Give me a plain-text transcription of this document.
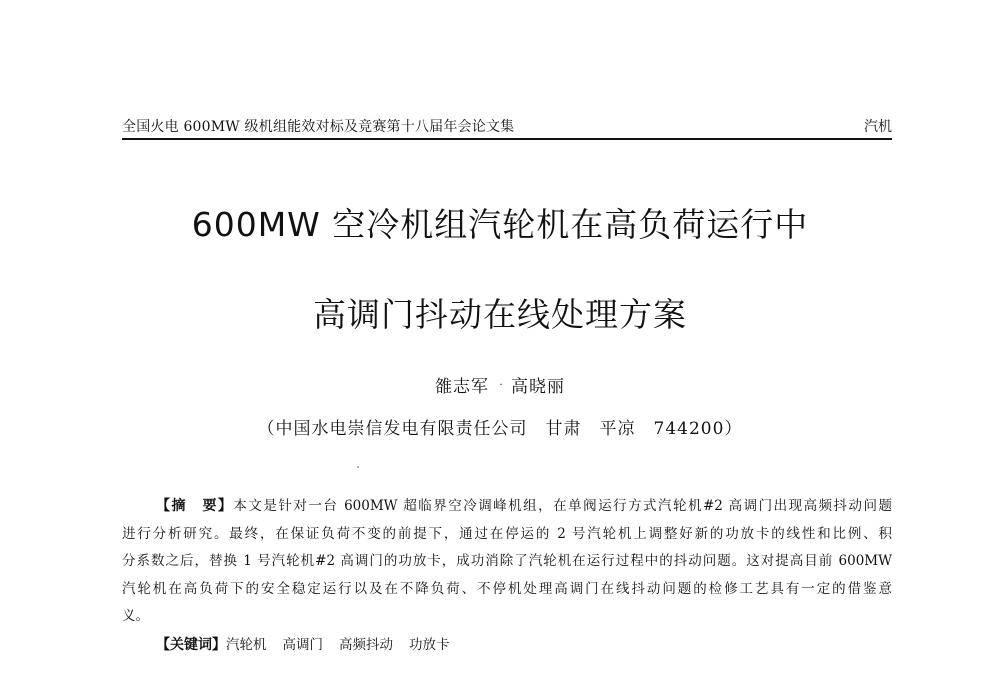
全国火电 600MW 级机组能效对标及竞赛第十八届年会论文集	汽机
600MW 空冷机组汽轮机在高负荷运行中
高调门抖动在线处理方案
雒志军 ˙ 高晓丽
（中国水电崇信发电有限责任公司　甘肃　平凉　744200）
【摘　要】本文是针对一台 600MW 超临界空冷调峰机组，在单阀运行方式汽轮机#2 高调门出现高频抖动问题
进行分析研究。最终，在保证负荷不变的前提下，通过在停运的 2 号汽轮机上调整好新的功放卡的线性和比例、积
分系数之后，替换 1 号汽轮机#2 高调门的功放卡，成功消除了汽轮机在运行过程中的抖动问题。这对提高目前 600MW
汽轮机在高负荷下的安全稳定运行以及在不降负荷、不停机处理高调门在线抖动问题的检修工艺具有一定的借鉴意
义。
【关键词】汽轮机 高调门 高频抖动 功放卡
